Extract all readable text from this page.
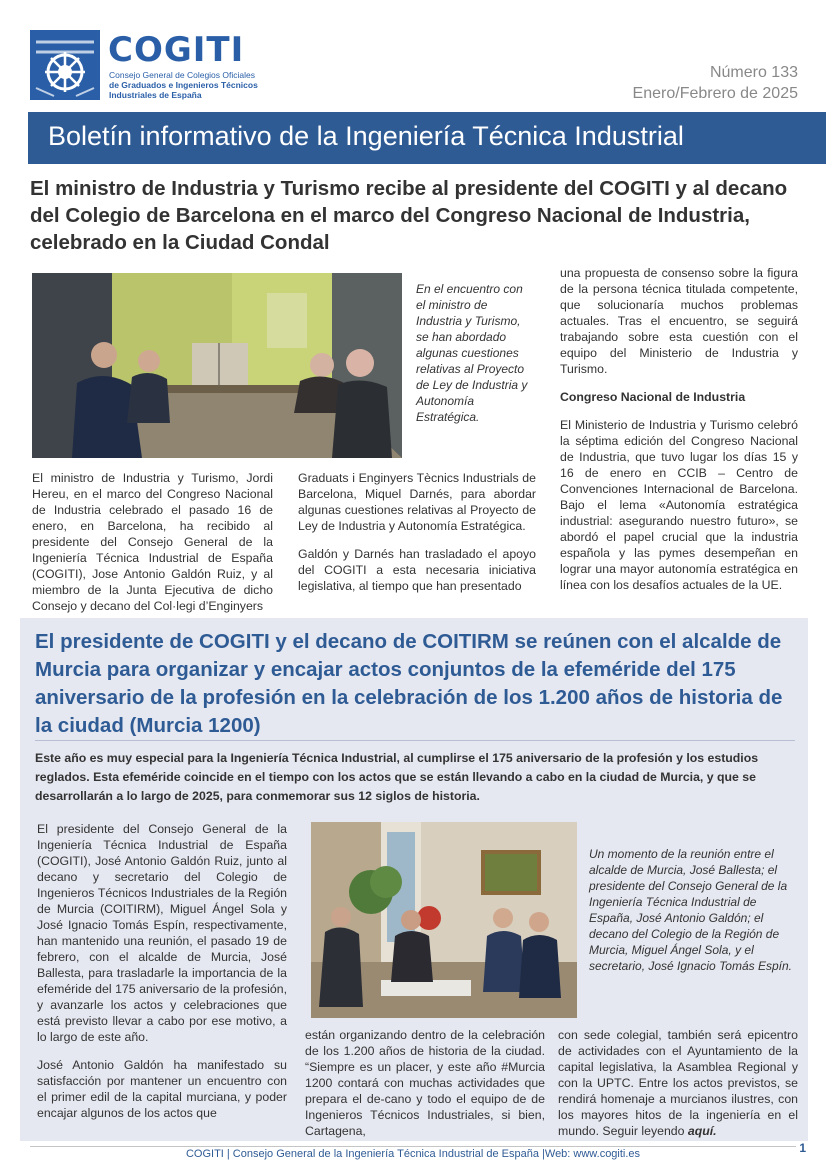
COGITI
Consejo General de Colegios Oficiales
de Graduados e Ingenieros Técnicos
Industriales de España
Número 133
Enero/Febrero de 2025
Boletín informativo de la Ingeniería Técnica Industrial
El ministro de Industria y Turismo recibe al presidente del COGITI y al decano del Colegio de Barcelona en el marco del Congreso Nacional de Industria, celebrado en la Ciudad Condal
En el encuentro con el ministro de Industria y Turismo, se han abordado algunas cuestiones relativas al Proyecto de Ley de Industria y Autonomía Estratégica.

El ministro de Industria y Turismo, Jordi Hereu, en el marco del Congreso Nacional de Industria celebrado el pasado 16 de enero, en Barcelona, ha recibido al presidente del Consejo General de la Ingeniería Técnica Industrial de España (COGITI), Jose Antonio Galdón Ruiz, y al miembro de la Junta Ejecutiva de dicho Consejo y decano del Col·legi d’Enginyers

Graduats i Enginyers Tècnics Industrials de Barcelona, Miquel Darnés, para abordar algunas cuestiones relativas al Proyecto de Ley de Industria y Autonomía Estratégica.

Galdón y Darnés han trasladado el apoyo del COGITI a esta necesaria iniciativa legislativa, al tiempo que han presentado

una propuesta de consenso sobre la figura de la persona técnica titulada competente, que solucionaría muchos problemas actuales. Tras el encuentro, se seguirá trabajando sobre esta cuestión con el equipo del Ministerio de Industria y Turismo.

Congreso Nacional de Industria

El Ministerio de Industria y Turismo celebró la séptima edición del Congreso Nacional de Industria, que tuvo lugar los días 15 y 16 de enero en CCIB – Centro de Convenciones Internacional de Barcelona. Bajo el lema «Autonomía estratégica industrial: asegurando nuestro futuro», se abordó el papel crucial que la industria española y las pymes desempeñan en lograr una mayor autonomía estratégica en línea con los desafíos actuales de la UE.

El presidente de COGITI y el decano de COITIRM se reúnen con el alcalde de Murcia para organizar y encajar actos conjuntos de la efeméride del 175 aniversario de la profesión en la celebración de los 1.200 años de historia de la ciudad (Murcia 1200)
Este año es muy especial para la Ingeniería Técnica Industrial, al cumplirse el 175 aniversario de la profesión y los estudios reglados. Esta efeméride coincide en el tiempo con los actos que se están llevando a cabo en la ciudad de Murcia, y que se desarrollarán a lo largo de 2025, para conmemorar sus 12 siglos de historia.

El presidente del Consejo General de la Ingeniería Técnica Industrial de España (COGITI), José Antonio Galdón Ruiz, junto al decano y secretario del Colegio de Ingenieros Técnicos Industriales de la Región de Murcia (COITIRM), Miguel Ángel Sola y José Ignacio Tomás Espín, respectivamente, han mantenido una reunión, el pasado 19 de febrero, con el alcalde de Murcia, José Ballesta, para trasladarle la importancia de la efeméride del 175 aniversario de la profesión, y avanzarle los actos y celebraciones que está previsto llevar a cabo por ese motivo, a lo largo de este año.

José Antonio Galdón ha manifestado su satisfacción por mantener un encuentro con el primer edil de la capital murciana, y poder encajar algunos de los actos que

Un momento de la reunión entre el alcalde de Murcia, José Ballesta; el presidente del Consejo General de la Ingeniería Técnica Industrial de España, José Antonio Galdón; el decano del Colegio de la Región de Murcia, Miguel Ángel Sola, y el secretario, José Ignacio Tomás Espín.

están organizando dentro de la celebración de los 1.200 años de historia de la ciudad. “Siempre es un placer, y este año #Murcia 1200 contará con muchas actividades que prepara el de-cano y todo el equipo de de Ingenieros Técnicos Industriales, si bien, Cartagena,

con sede colegial, también será epicentro de actividades con el Ayuntamiento de la capital legislativa, la Asamblea Regional y con la UPTC. Entre los actos previstos, se rendirá homenaje a murcianos ilustres, con los mayores hitos de la ingeniería en el mundo. Seguir leyendo aquí.

COGITI | Consejo General de la Ingeniería Técnica Industrial de España |Web: www.cogiti.es	1
